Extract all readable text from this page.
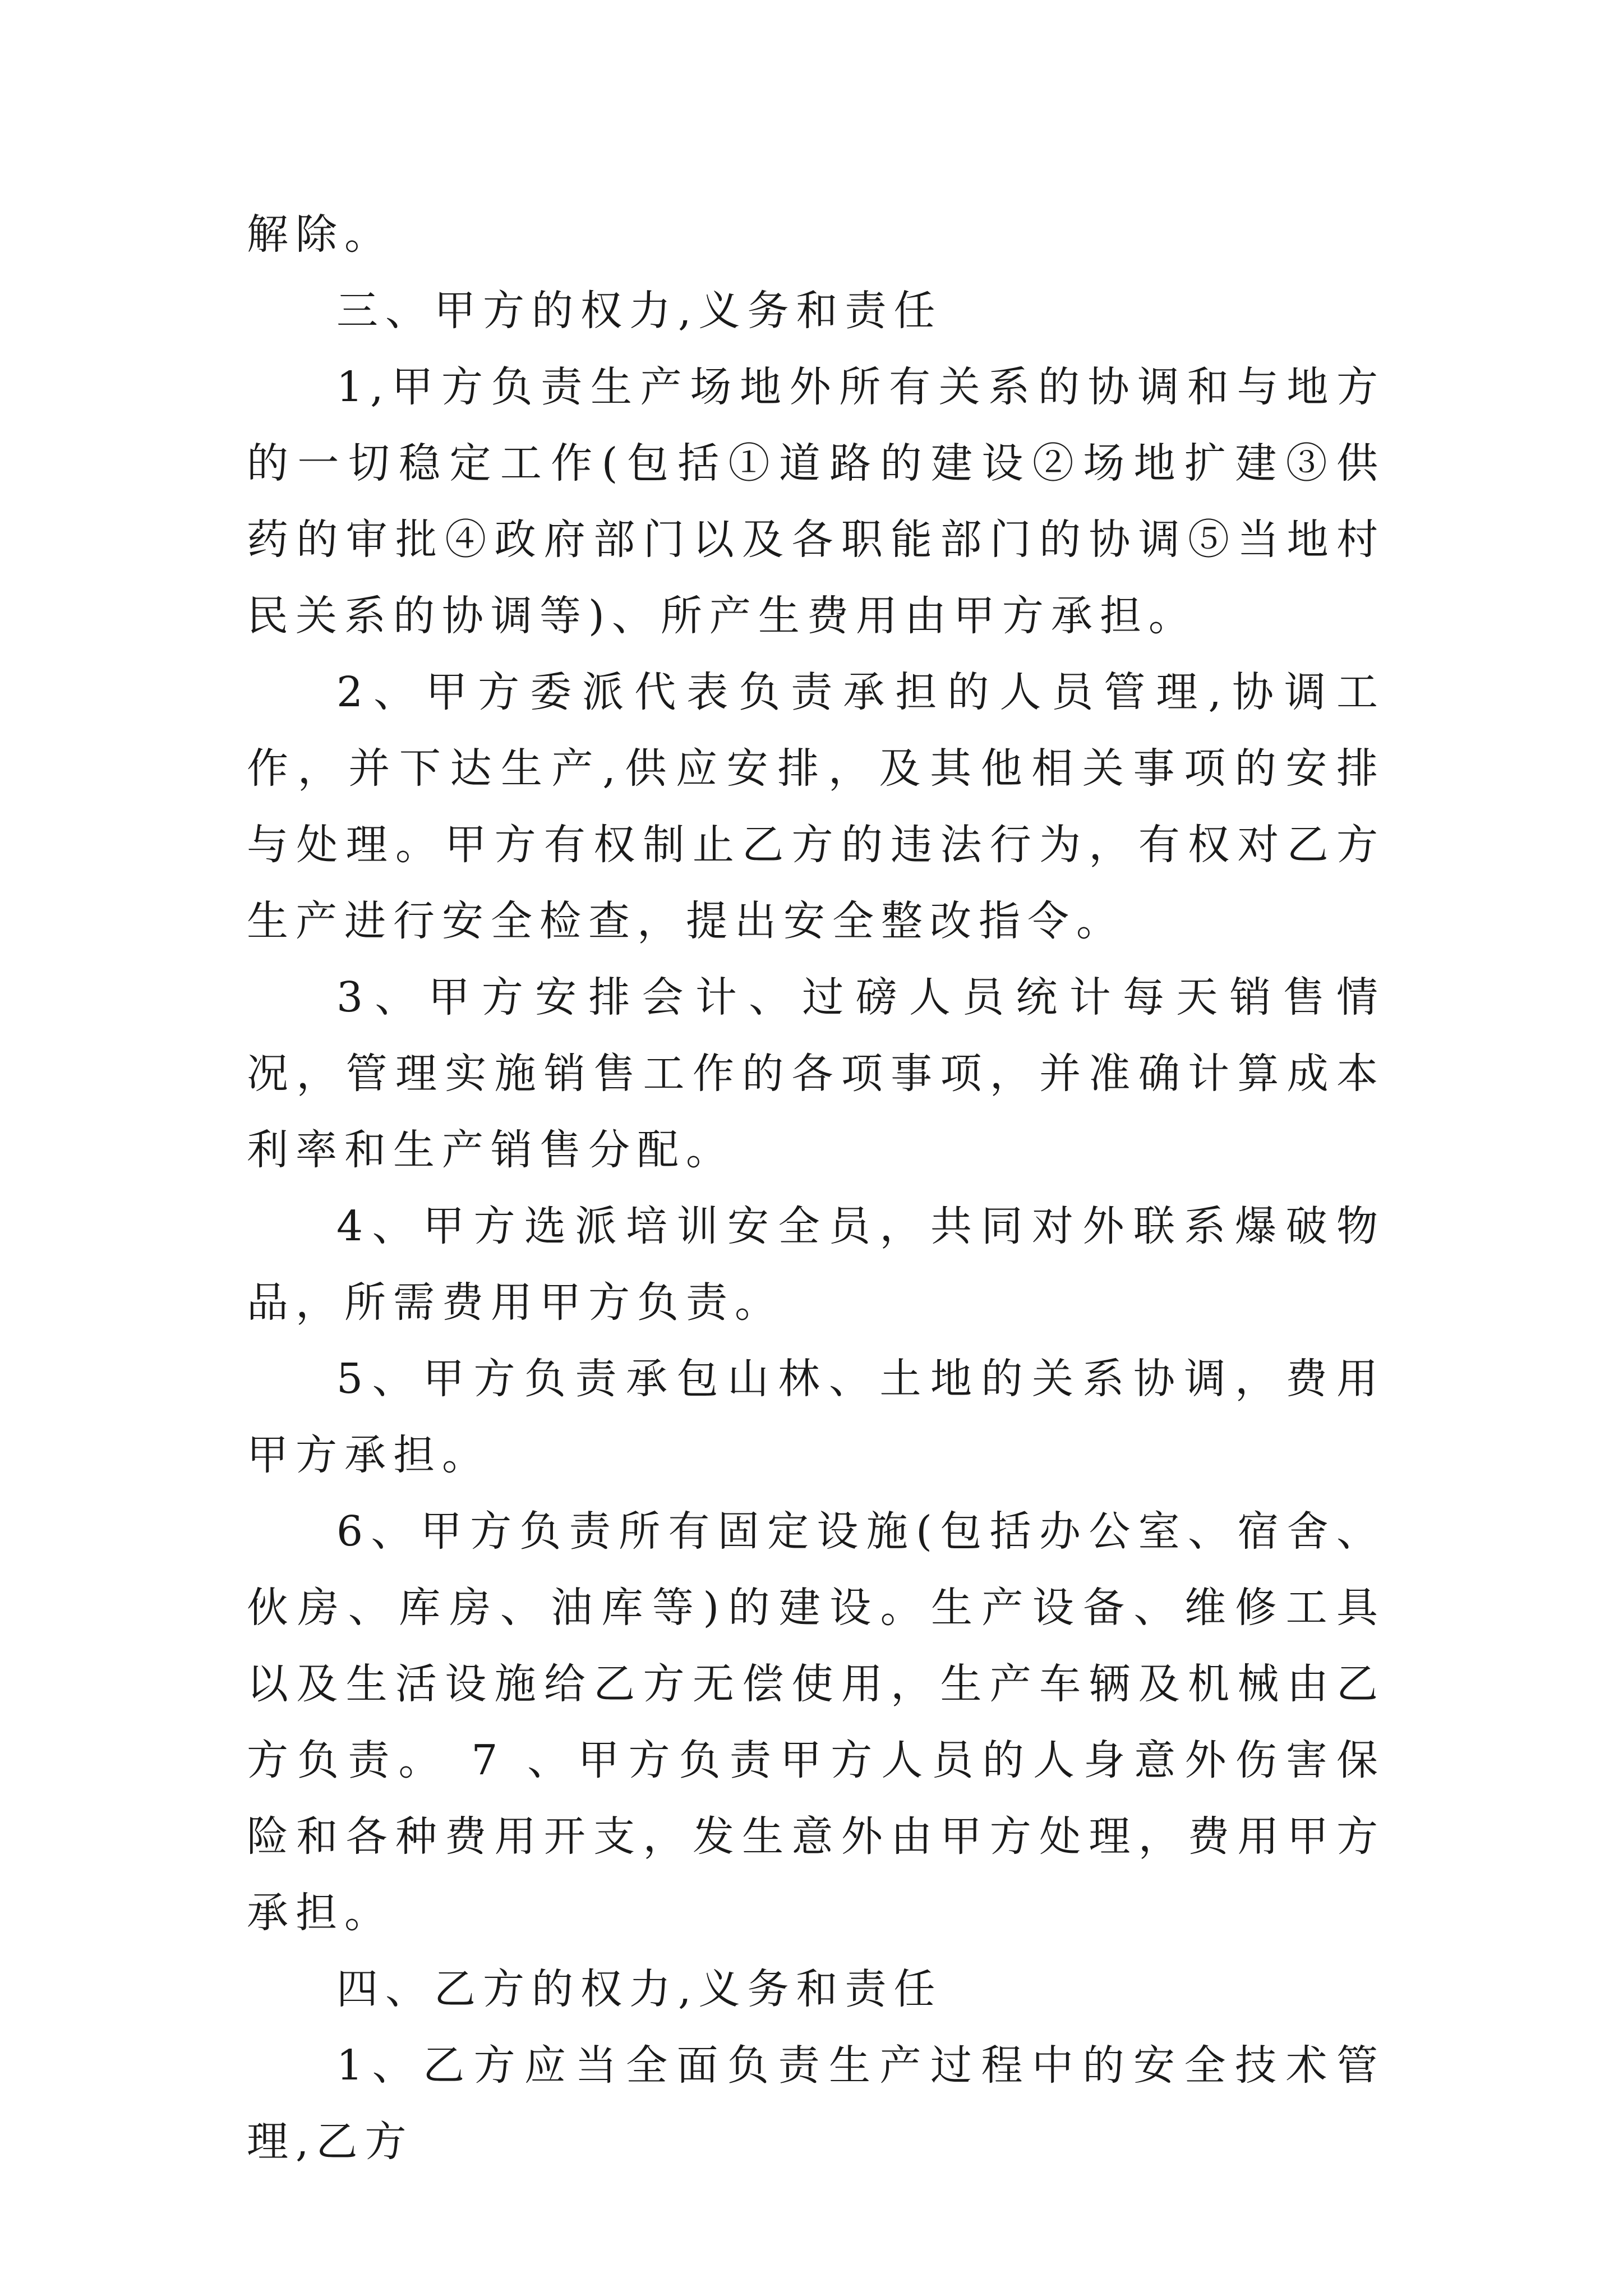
解除。

三、甲方的权力,义务和责任

1,甲方负责生产场地外所有关系的协调和与地方的一切稳定工作(包括①道路的建设②场地扩建③供药的审批④政府部门以及各职能部门的协调⑤当地村民关系的协调等)、所产生费用由甲方承担。

2、甲方委派代表负责承担的人员管理,协调工作，并下达生产,供应安排，及其他相关事项的安排与处理。甲方有权制止乙方的违法行为，有权对乙方生产进行安全检查，提出安全整改指令。

3、甲方安排会计、过磅人员统计每天销售情况，管理实施销售工作的各项事项，并准确计算成本利率和生产销售分配。

4、甲方选派培训安全员，共同对外联系爆破物品，所需费用甲方负责。

5、甲方负责承包山林、土地的关系协调，费用甲方承担。

6、甲方负责所有固定设施(包括办公室、宿舍、伙房、库房、油库等)的建设。生产设备、维修工具以及生活设施给乙方无偿使用，生产车辆及机械由乙方负责。 7 、甲方负责甲方人员的人身意外伤害保险和各种费用开支，发生意外由甲方处理，费用甲方承担。

四、乙方的权力,义务和责任

1、乙方应当全面负责生产过程中的安全技术管理,乙方
